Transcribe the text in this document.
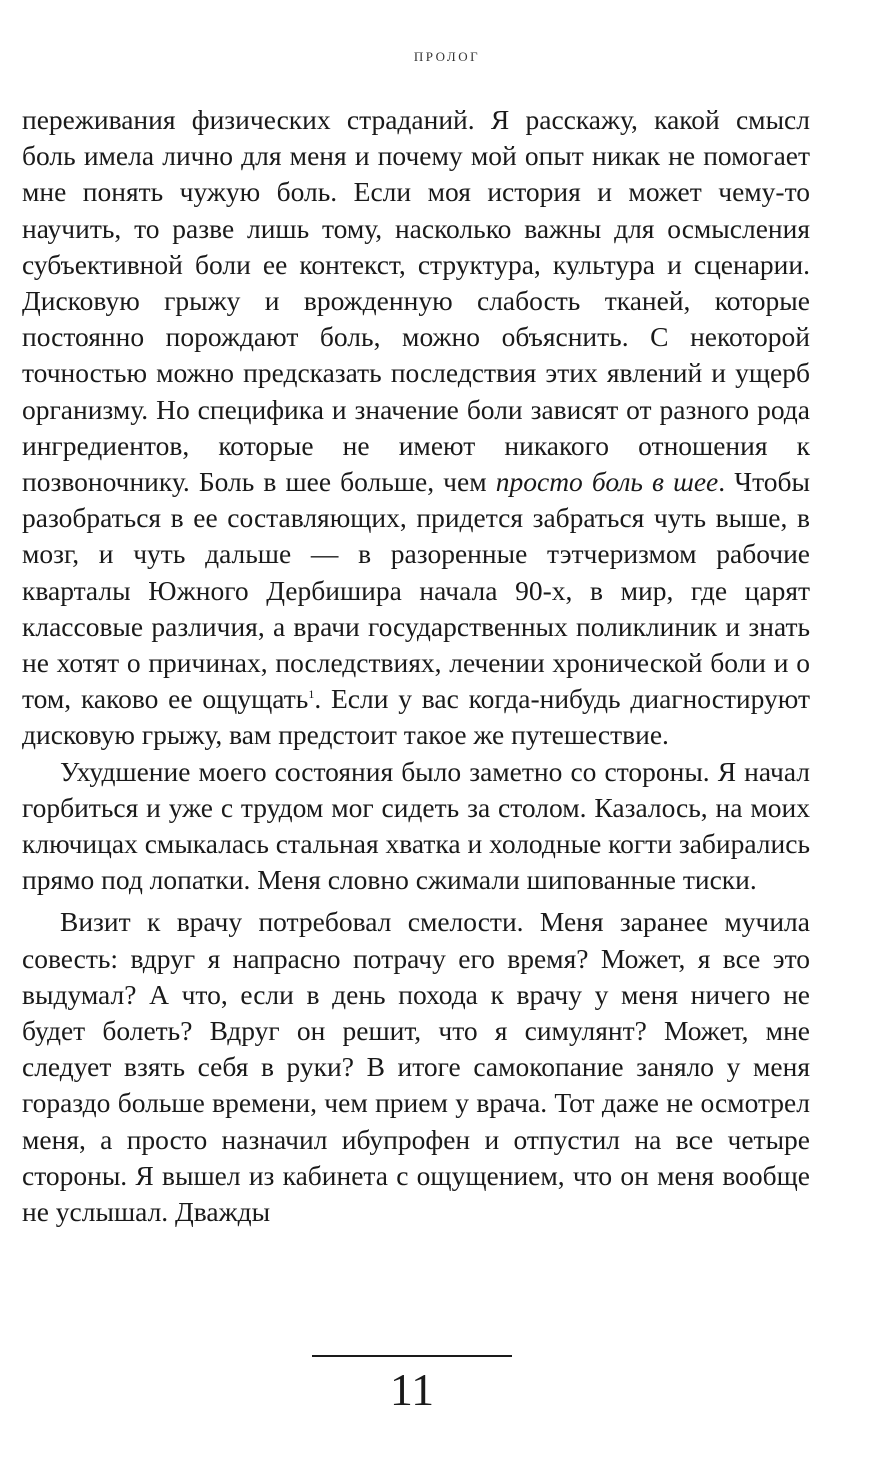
ПРОЛОГ

переживания физических страданий. Я расскажу, какой смысл боль имела лично для меня и почему мой опыт никак не помогает мне понять чужую боль. Если моя история и может чему-то научить, то разве лишь тому, насколько важны для осмысления субъективной боли ее контекст, структура, культура и сценарии. Дисковую грыжу и врожденную слабость тканей, которые постоянно порождают боль, можно объяснить. С некоторой точностью можно предсказать последствия этих явлений и ущерб организму. Но специфика и значение боли зависят от разного рода ингредиентов, которые не имеют никакого отношения к позвоночнику. Боль в шее больше, чем просто боль в шее. Чтобы разобраться в ее составляющих, придется забраться чуть выше, в мозг, и чуть дальше — в разоренные тэтчеризмом рабочие кварталы Южного Дербишира начала 90-х, в мир, где царят классовые различия, а врачи государственных поликлиник и знать не хотят о причинах, последствиях, лечении хронической боли и о том, каково ее ощущать$^1$. Если у вас когда-нибудь диагностируют дисковую грыжу, вам предстоит такое же путешествие.

Ухудшение моего состояния было заметно со стороны. Я начал горбиться и уже с трудом мог сидеть за столом. Казалось, на моих ключицах смыкалась стальная хватка и холодные когти забирались прямо под лопатки. Меня словно сжимали шипованные тиски.

Визит к врачу потребовал смелости. Меня заранее мучила совесть: вдруг я напрасно потрачу его время? Может, я все это выдумал? А что, если в день похода к врачу у меня ничего не будет болеть? Вдруг он решит, что я симулянт? Может, мне следует взять себя в руки? В итоге самокопание заняло у меня гораздо больше времени, чем прием у врача. Тот даже не осмотрел меня, а просто назначил ибупрофен и отпустил на все четыре стороны. Я вышел из кабинета с ощущением, что он меня вообще не услышал. Дважды

11
